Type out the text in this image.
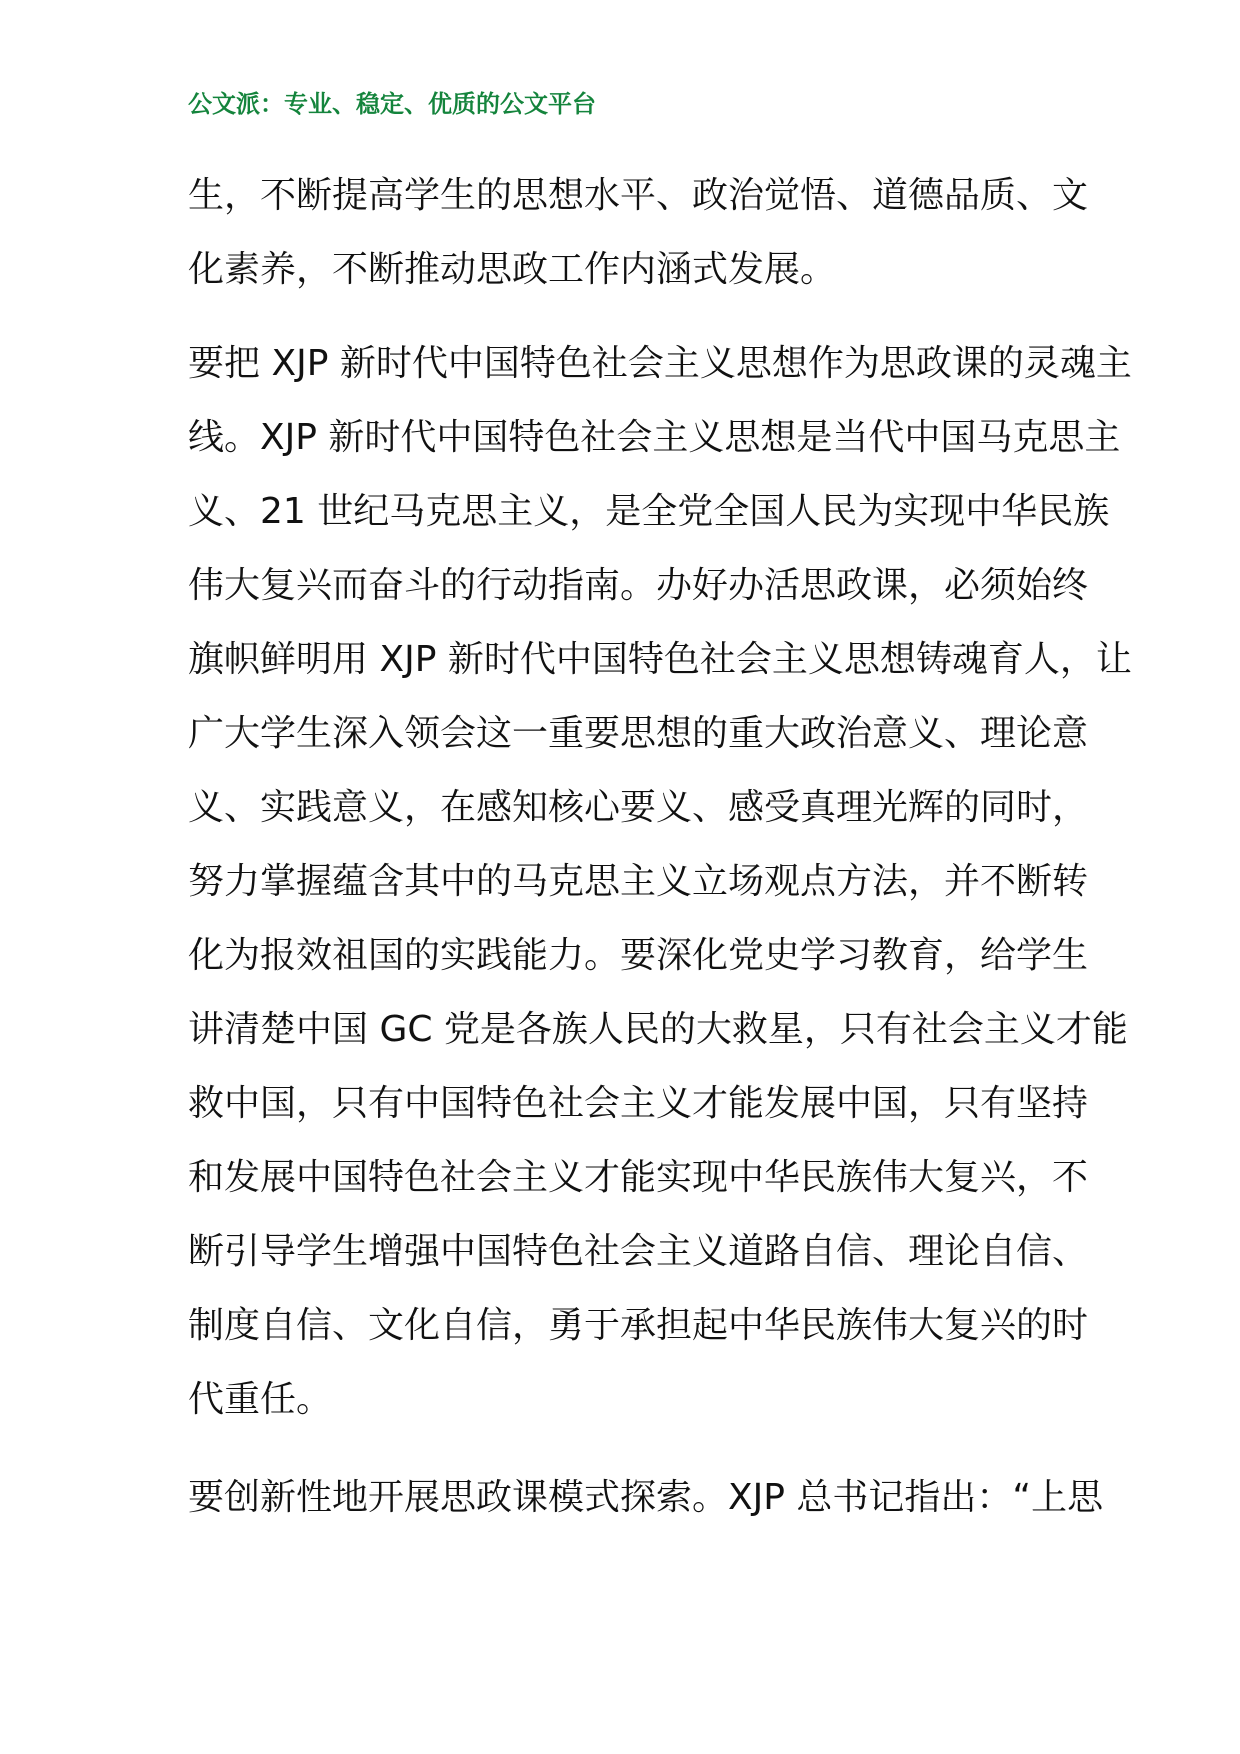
公文派：专业、稳定、优质的公文平台
生，不断提高学生的思想水平、政治觉悟、道德品质、文
化素养，不断推动思政工作内涵式发展。
要把 XJP 新时代中国特色社会主义思想作为思政课的灵魂主
线。XJP 新时代中国特色社会主义思想是当代中国马克思主
义、21 世纪马克思主义，是全党全国人民为实现中华民族
伟大复兴而奋斗的行动指南。办好办活思政课，必须始终
旗帜鲜明用 XJP 新时代中国特色社会主义思想铸魂育人，让
广大学生深入领会这一重要思想的重大政治意义、理论意
义、实践意义，在感知核心要义、感受真理光辉的同时，
努力掌握蕴含其中的马克思主义立场观点方法，并不断转
化为报效祖国的实践能力。要深化党史学习教育，给学生
讲清楚中国 GC 党是各族人民的大救星，只有社会主义才能
救中国，只有中国特色社会主义才能发展中国，只有坚持
和发展中国特色社会主义才能实现中华民族伟大复兴，不
断引导学生增强中国特色社会主义道路自信、理论自信、
制度自信、文化自信，勇于承担起中华民族伟大复兴的时
代重任。
要创新性地开展思政课模式探索。XJP 总书记指出：“上思
